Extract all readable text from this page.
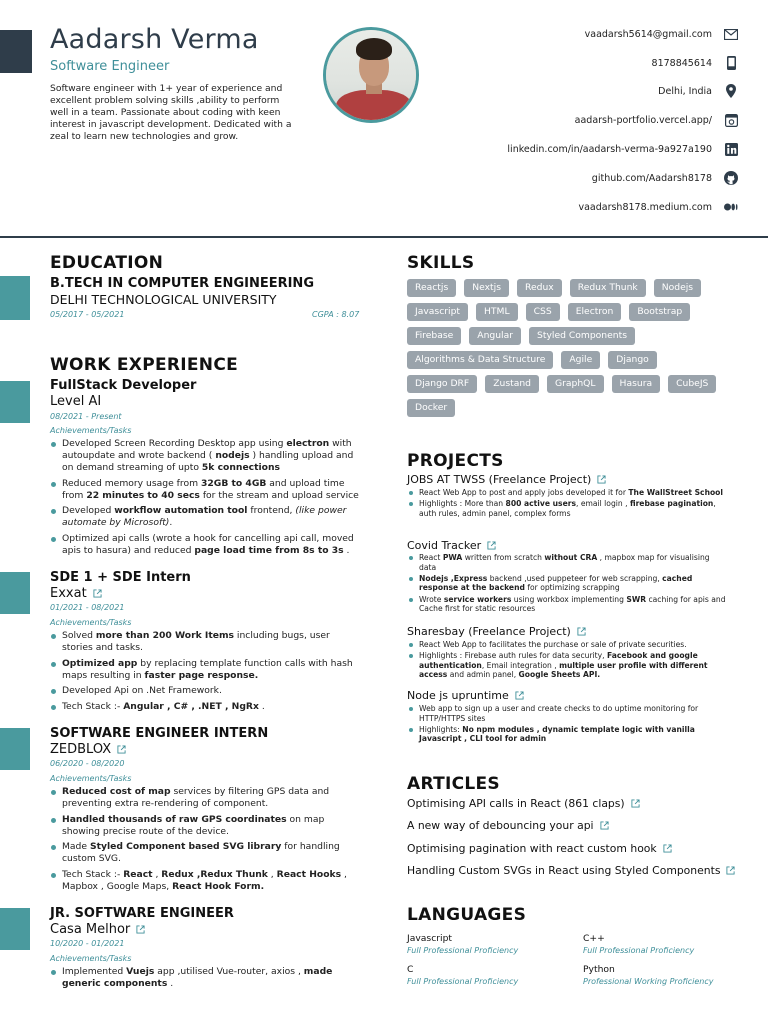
Aadarsh Verma
Software Engineer
Software engineer with 1+ year of experience and excellent problem solving skills ,ability to perform well in a team. Passionate about coding with keen interest in javascript development. Dedicated with a zeal to learn new technologies and grow.
vaadarsh5614@gmail.com
8178845614
Delhi, India
aadarsh-portfolio.vercel.app/
linkedin.com/in/aadarsh-verma-9a927a190
github.com/Aadarsh8178
vaadarsh8178.medium.com
EDUCATION
B.TECH IN COMPUTER ENGINEERING
DELHI TECHNOLOGICAL UNIVERSITY
05/2017 - 05/2021	CGPA : 8.07
WORK EXPERIENCE
FullStack Developer
Level AI
08/2021 - Present
Achievements/Tasks
Developed Screen Recording Desktop app using electron with autoupdate and wrote backend ( nodejs ) handling upload and on demand streaming of upto 5k connections
Reduced memory usage from 32GB to 4GB and upload time from 22 minutes to 40 secs for the stream and upload service
Developed workflow automation tool frontend, (like power automate by Microsoft).
Optimized api calls (wrote a hook for cancelling api call, moved apis to hasura) and reduced page load time from 8s to 3s .
SDE 1 + SDE Intern
Exxat
01/2021 - 08/2021
Achievements/Tasks
Solved more than 200 Work Items including bugs, user stories and tasks.
Optimized app by replacing template function calls with hash maps resulting in faster page response.
Developed Api on .Net Framework.
Tech Stack :- Angular , C# , .NET , NgRx .
SOFTWARE ENGINEER INTERN
ZEDBLOX
06/2020 - 08/2020
Achievements/Tasks
Reduced cost of map services by filtering GPS data and preventing extra re-rendering of component.
Handled thousands of raw GPS coordinates on map showing precise route of the device.
Made Styled Component based SVG library for handling custom SVG.
Tech Stack :- React , Redux ,Redux Thunk , React Hooks , Mapbox , Google Maps, React Hook Form.
JR. SOFTWARE ENGINEER
Casa Melhor
10/2020 - 01/2021
Achievements/Tasks
Implemented Vuejs app ,utilised Vue-router, axios , made generic components .
SKILLS
Reactjs	Nextjs	Redux	Redux Thunk	Nodejs
Javascript	HTML	CSS	Electron	Bootstrap
Firebase	Angular	Styled Components
Algorithms & Data Structure	Agile	Django
Django DRF	Zustand	GraphQL	Hasura	CubeJS
Docker
PROJECTS
JOBS AT TWSS (Freelance Project)
React Web App to post and apply jobs developed it for The WallStreet School
Highlights : More than 800 active users, email login , firebase pagination, auth rules, admin panel, complex forms
Covid Tracker
React PWA written from scratch without CRA , mapbox map for visualising data
Nodejs ,Express backend ,used puppeteer for web scrapping, cached response at the backend for optimizing scrapping
Wrote service workers using workbox implementing SWR caching for apis and Cache first for static resources
Sharesbay (Freelance Project)
React Web App to facilitates the purchase or sale of private securities.
Highlights : Firebase auth rules for data security, Facebook and google authentication, Email integration , multiple user profile with different access and admin panel, Google Sheets API.
Node js upruntime
Web app to sign up a user and create checks to do uptime monitoring for HTTP/HTTPS sites
Highlights: No npm modules , dynamic template logic with vanilla Javascript , CLI tool for admin
ARTICLES
Optimising API calls in React (861 claps)
A new way of debouncing your api
Optimising pagination with react custom hook
Handling Custom SVGs in React using Styled Components
LANGUAGES
Javascript
Full Professional Proficiency
C++
Full Professional Proficiency
C
Full Professional Proficiency
Python
Professional Working Proficiency
